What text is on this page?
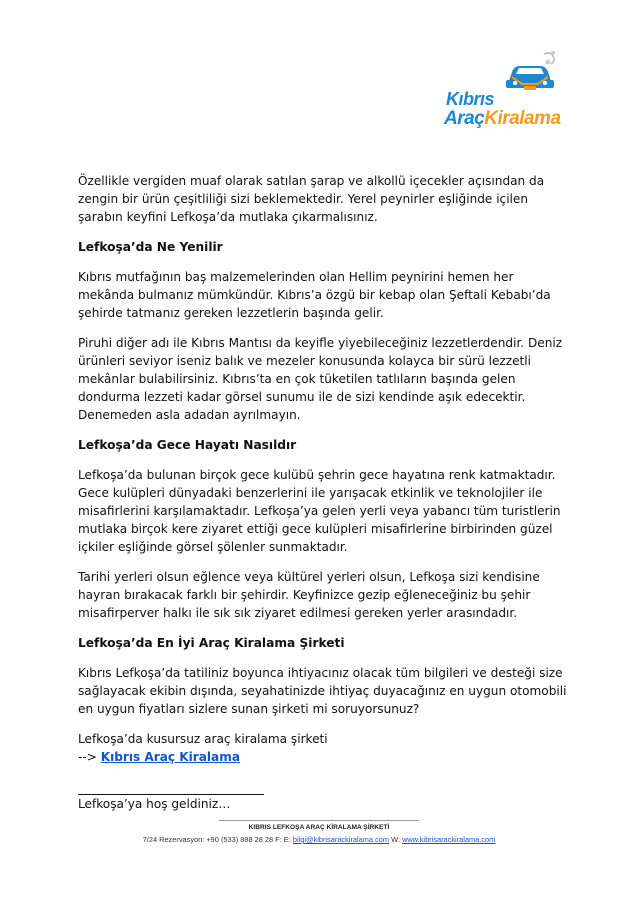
Kıbrıs
AraçKiralama

Özellikle vergiden muaf olarak satılan şarap ve alkollü içecekler açısından da zengin bir ürün çeşitliliği sizi beklemektedir. Yerel peynirler eşliğinde içilen şarabın keyfini Lefkoşa’da mutlaka çıkarmalısınız.

Lefkoşa’da Ne Yenilir

Kıbrıs mutfağının baş malzemelerinden olan Hellim peynirini hemen her mekânda bulmanız mümkündür. Kıbrıs’a özgü bir kebap olan Şeftali Kebabı’da şehirde tatmanız gereken lezzetlerin başında gelir.

Piruhi diğer adı ile Kıbrıs Mantısı da keyifle yiyebileceğiniz lezzetlerdendir. Deniz ürünleri seviyor iseniz balık ve mezeler konusunda kolayca bir sürü lezzetli mekânlar bulabilirsiniz. Kıbrıs’ta en çok tüketilen tatlıların başında gelen dondurma lezzeti kadar görsel sunumu ile de sizi kendinde aşık edecektir. Denemeden asla adadan ayrılmayın.

Lefkoşa’da Gece Hayatı Nasıldır

Lefkoşa’da bulunan birçok gece kulübü şehrin gece hayatına renk katmaktadır. Gece kulüpleri dünyadaki benzerlerini ile yarışacak etkinlik ve teknolojiler ile misafirlerini karşılamaktadır. Lefkoşa’ya gelen yerli veya yabancı tüm turistlerin mutlaka birçok kere ziyaret ettiği gece kulüpleri misafirlerine birbirinden güzel içkiler eşliğinde görsel şölenler sunmaktadır.

Tarihi yerleri olsun eğlence veya kültürel yerleri olsun, Lefkoşa sizi kendisine hayran bırakacak farklı bir şehirdir. Keyfinizce gezip eğleneceğiniz bu şehir misafirperver halkı ile sık sık ziyaret edilmesi gereken yerler arasındadır.

Lefkoşa’da En İyi Araç Kiralama Şirketi

Kıbrıs Lefkoşa’da tatiliniz boyunca ihtiyacınız olacak tüm bilgileri ve desteği size sağlayacak ekibin dışında, seyahatinizde ihtiyaç duyacağınız en uygun otomobili en uygun fiyatları sizlere sunan şirketi mi soruyorsunuz?

Lefkoşa’da kusursuz araç kiralama şirketi

--> Kıbrıs Araç Kiralama

Lefkoşa’ya hoş geldiniz…

KIBRIS LEFKOŞA ARAÇ KİRALAMA ŞİRKETİ
7/24 Rezervasyon: +90 (533) 888 28 28 F: E: bilgi@kibrisarackiralama.com W: www.kibrisarackiralama.com
